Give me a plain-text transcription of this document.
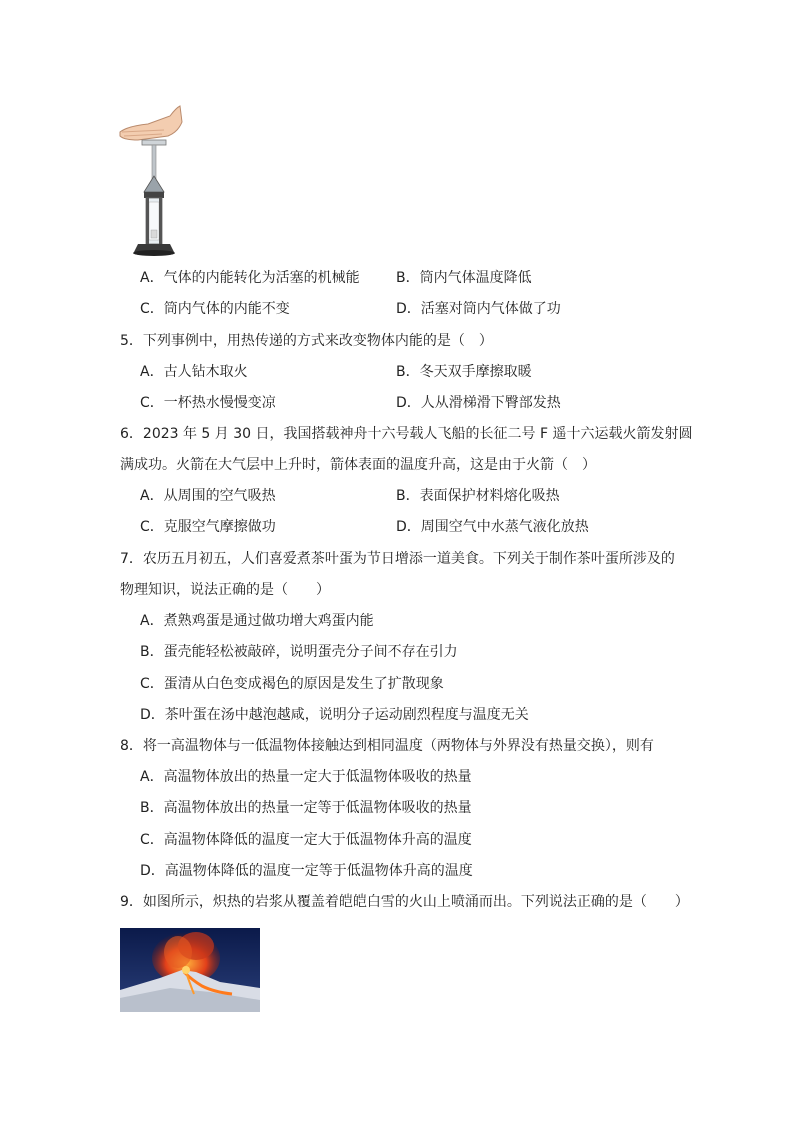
A．气体的内能转化为活塞的机械能	B．筒内气体温度降低
C．筒内气体的内能不变	D．活塞对筒内气体做了功
5．下列事例中，用热传递的方式来改变物体内能的是（　）
A．古人钻木取火	B．冬天双手摩擦取暖
C．一杯热水慢慢变凉	D．人从滑梯滑下臀部发热
6．2023 年 5 月 30 日，我国搭载神舟十六号载人飞船的长征二号 F 遥十六运载火箭发射圆
满成功。火箭在大气层中上升时，箭体表面的温度升高，这是由于火箭（　）
A．从周围的空气吸热	B．表面保护材料熔化吸热
C．克服空气摩擦做功	D．周围空气中水蒸气液化放热
7．农历五月初五，人们喜爱煮茶叶蛋为节日增添一道美食。下列关于制作茶叶蛋所涉及的
物理知识，说法正确的是（　　）
A．煮熟鸡蛋是通过做功增大鸡蛋内能
B．蛋壳能轻松被敲碎，说明蛋壳分子间不存在引力
C．蛋清从白色变成褐色的原因是发生了扩散现象
D．茶叶蛋在汤中越泡越咸，说明分子运动剧烈程度与温度无关
8．将一高温物体与一低温物体接触达到相同温度（两物体与外界没有热量交换），则有
A．高温物体放出的热量一定大于低温物体吸收的热量
B．高温物体放出的热量一定等于低温物体吸收的热量
C．高温物体降低的温度一定大于低温物体升高的温度
D．高温物体降低的温度一定等于低温物体升高的温度
9．如图所示，炽热的岩浆从覆盖着皑皑白雪的火山上喷涌而出。下列说法正确的是（　　）
